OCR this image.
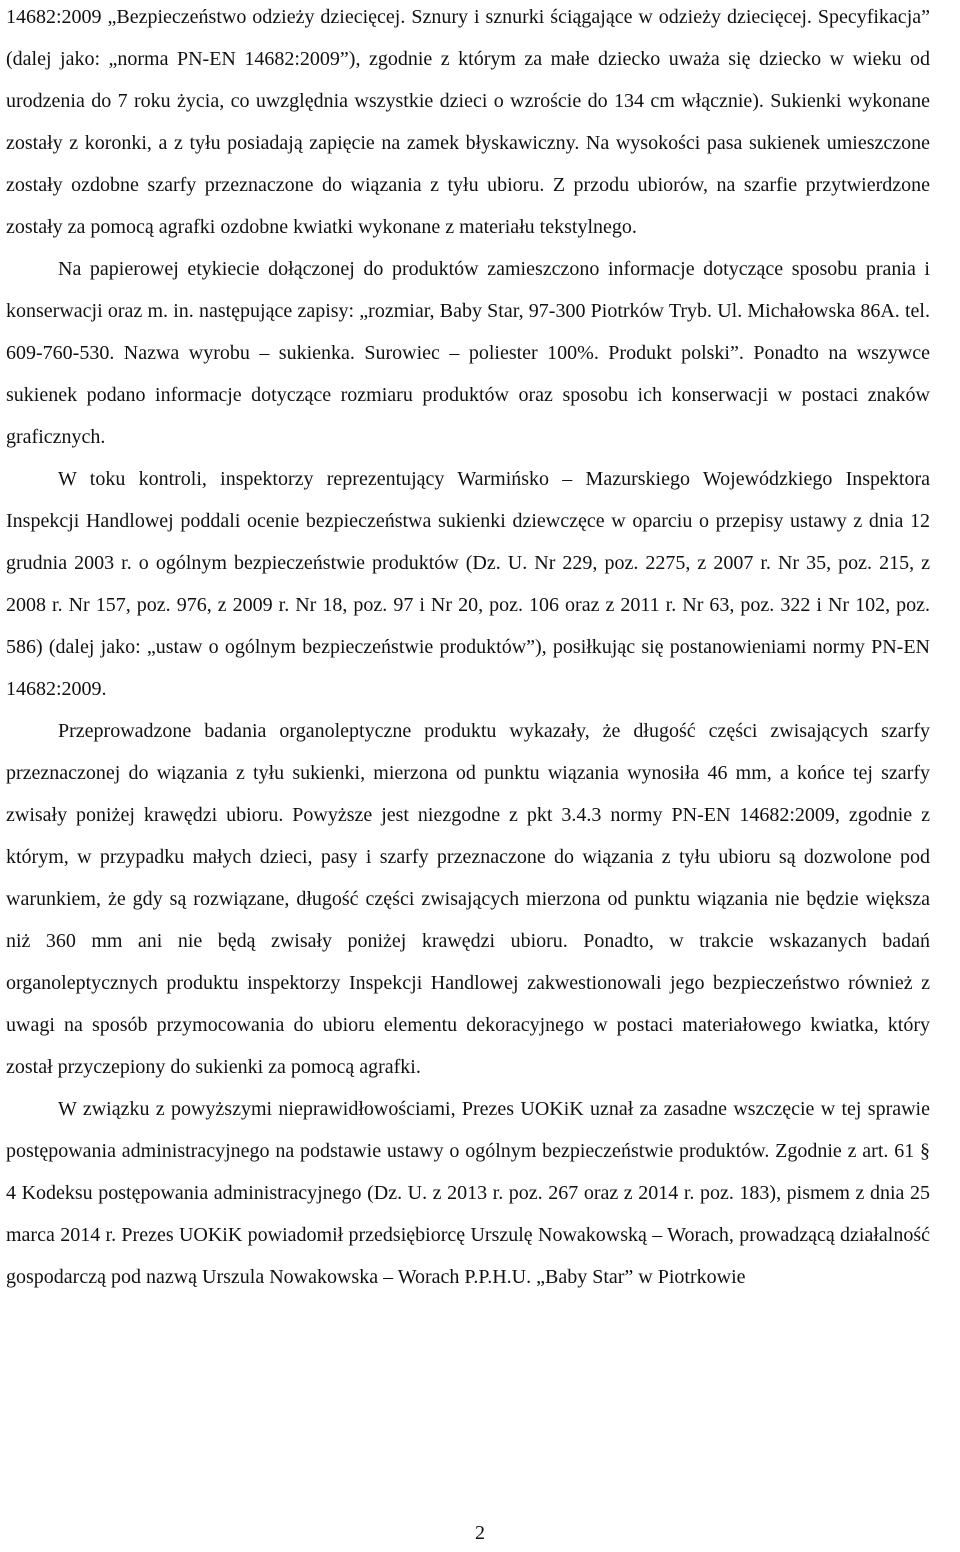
14682:2009 „Bezpieczeństwo odzieży dziecięcej. Sznury i sznurki ściągające w odzieży dziecięcej. Specyfikacja” (dalej jako: „norma PN-EN 14682:2009”), zgodnie z którym za małe dziecko uważa się dziecko w wieku od urodzenia do 7 roku życia, co uwzględnia wszystkie dzieci o wzroście do 134 cm włącznie). Sukienki wykonane zostały z koronki, a z tyłu posiadają zapięcie na zamek błyskawiczny. Na wysokości pasa sukienek umieszczone zostały ozdobne szarfy przeznaczone do wiązania z tyłu ubioru. Z przodu ubiorów, na szarfie przytwierdzone zostały za pomocą agrafki ozdobne kwiatki wykonane z materiału tekstylnego.

Na papierowej etykiecie dołączonej do produktów zamieszczono informacje dotyczące sposobu prania i konserwacji oraz m. in. następujące zapisy: „rozmiar, Baby Star, 97-300 Piotrków Tryb. Ul. Michałowska 86A. tel. 609-760-530. Nazwa wyrobu – sukienka. Surowiec – poliester 100%. Produkt polski”. Ponadto na wszywce sukienek podano informacje dotyczące rozmiaru produktów oraz sposobu ich konserwacji w postaci znaków graficznych.

W toku kontroli, inspektorzy reprezentujący Warmińsko – Mazurskiego Wojewódzkiego Inspektora Inspekcji Handlowej poddali ocenie bezpieczeństwa sukienki dziewczęce w oparciu o przepisy ustawy z dnia 12 grudnia 2003 r. o ogólnym bezpieczeństwie produktów (Dz. U. Nr 229, poz. 2275, z 2007 r. Nr 35, poz. 215, z 2008 r. Nr 157, poz. 976, z 2009 r. Nr 18, poz. 97 i Nr 20, poz. 106 oraz z 2011 r. Nr 63, poz. 322 i Nr 102, poz. 586) (dalej jako: „ustaw o ogólnym bezpieczeństwie produktów”), posiłkując się postanowieniami normy PN-EN 14682:2009.

Przeprowadzone badania organoleptyczne produktu wykazały, że długość części zwisających szarfy przeznaczonej do wiązania z tyłu sukienki, mierzona od punktu wiązania wynosiła 46 mm, a końce tej szarfy zwisały poniżej krawędzi ubioru. Powyższe jest niezgodne z pkt 3.4.3 normy PN-EN 14682:2009, zgodnie z którym, w przypadku małych dzieci, pasy i szarfy przeznaczone do wiązania z tyłu ubioru są dozwolone pod warunkiem, że gdy są rozwiązane, długość części zwisających mierzona od punktu wiązania nie będzie większa niż 360 mm ani nie będą zwisały poniżej krawędzi ubioru. Ponadto, w trakcie wskazanych badań organoleptycznych produktu inspektorzy Inspekcji Handlowej zakwestionowali jego bezpieczeństwo również z uwagi na sposób przymocowania do ubioru elementu dekoracyjnego w postaci materiałowego kwiatka, który został przyczepiony do sukienki za pomocą agrafki.

W związku z powyższymi nieprawidłowościami, Prezes UOKiK uznał za zasadne wszczęcie w tej sprawie postępowania administracyjnego na podstawie ustawy o ogólnym bezpieczeństwie produktów. Zgodnie z art. 61 § 4 Kodeksu postępowania administracyjnego (Dz. U. z 2013 r. poz. 267 oraz z 2014 r. poz. 183), pismem z dnia 25 marca 2014 r. Prezes UOKiK powiadomił przedsiębiorcę Urszulę Nowakowską – Worach, prowadzącą działalność gospodarczą pod nazwą Urszula Nowakowska – Worach P.P.H.U. „Baby Star” w Piotrkowie

2
